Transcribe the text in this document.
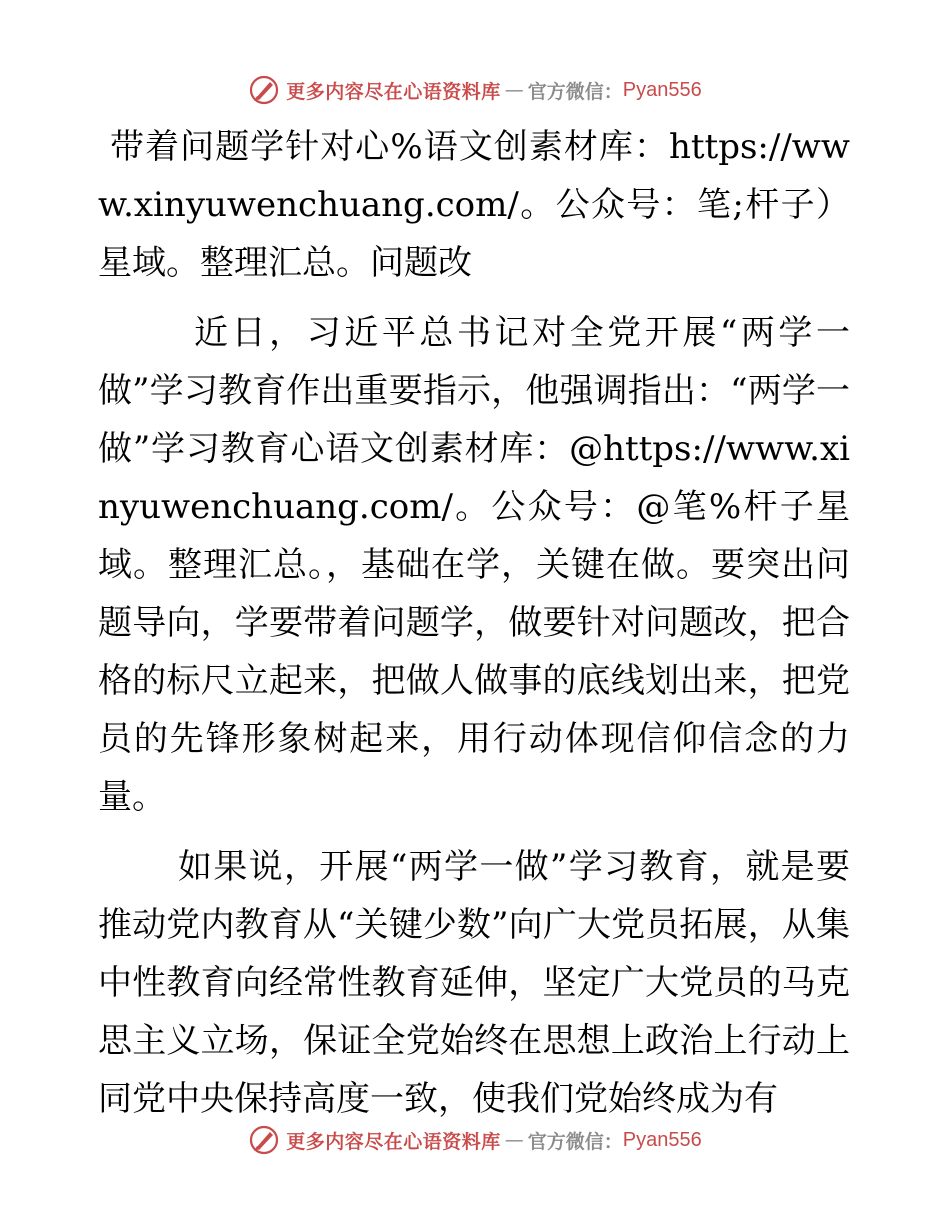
更多内容尽在心语资料库 — 官方微信： Pyan556

带着问题学针对心%语文创素材库：https://www.xinyuwenchuang.com/。公众号：笔;杆子）星域。整理汇总。问题改

近日，习近平总书记对全党开展“两学一做”学习教育作出重要指示，他强调指出：“两学一做”学习教育心语文创素材库：@https://www.xinyuwenchuang.com/。公众号：@笔%杆子星域。整理汇总。，基础在学，关键在做。要突出问题导向，学要带着问题学，做要针对问题改，把合格的标尺立起来，把做人做事的底线划出来，把党员的先锋形象树起来，用行动体现信仰信念的力量。

如果说，开展“两学一做”学习教育，就是要推动党内教育从“关键少数”向广大党员拓展，从集中性教育向经常性教育延伸，坚定广大党员的马克思主义立场，保证全党始终在思想上政治上行动上同党中央保持高度一致，使我们党始终成为有

更多内容尽在心语资料库 — 官方微信： Pyan556
